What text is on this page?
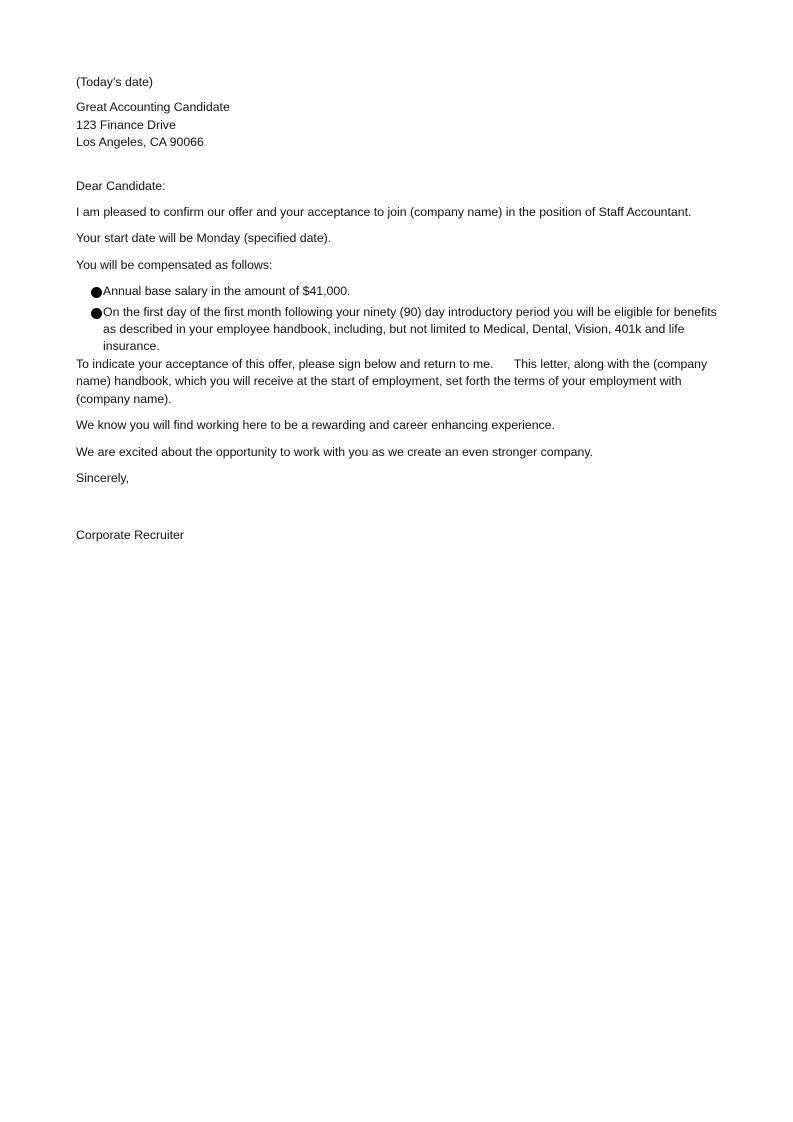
(Today’s date)
Great Accounting Candidate
123 Finance Drive
Los Angeles, CA 90066
Dear Candidate:
I am pleased to confirm our offer and your acceptance to join (company name) in the position of Staff Accountant.
Your start date will be Monday (specified date).
You will be compensated as follows:
Annual base salary in the amount of $41,000.
On the first day of the first month following your ninety (90) day introductory period you will be eligible for benefits as described in your employee handbook, including, but not limited to Medical, Dental, Vision, 401k and life insurance.
To indicate your acceptance of this offer, please sign below and return to me.      This letter, along with the (company name) handbook, which you will receive at the start of employment, set forth the terms of your employment with (company name).
We know you will find working here to be a rewarding and career enhancing experience.
We are excited about the opportunity to work with you as we create an even stronger company.
Sincerely,
Corporate Recruiter
